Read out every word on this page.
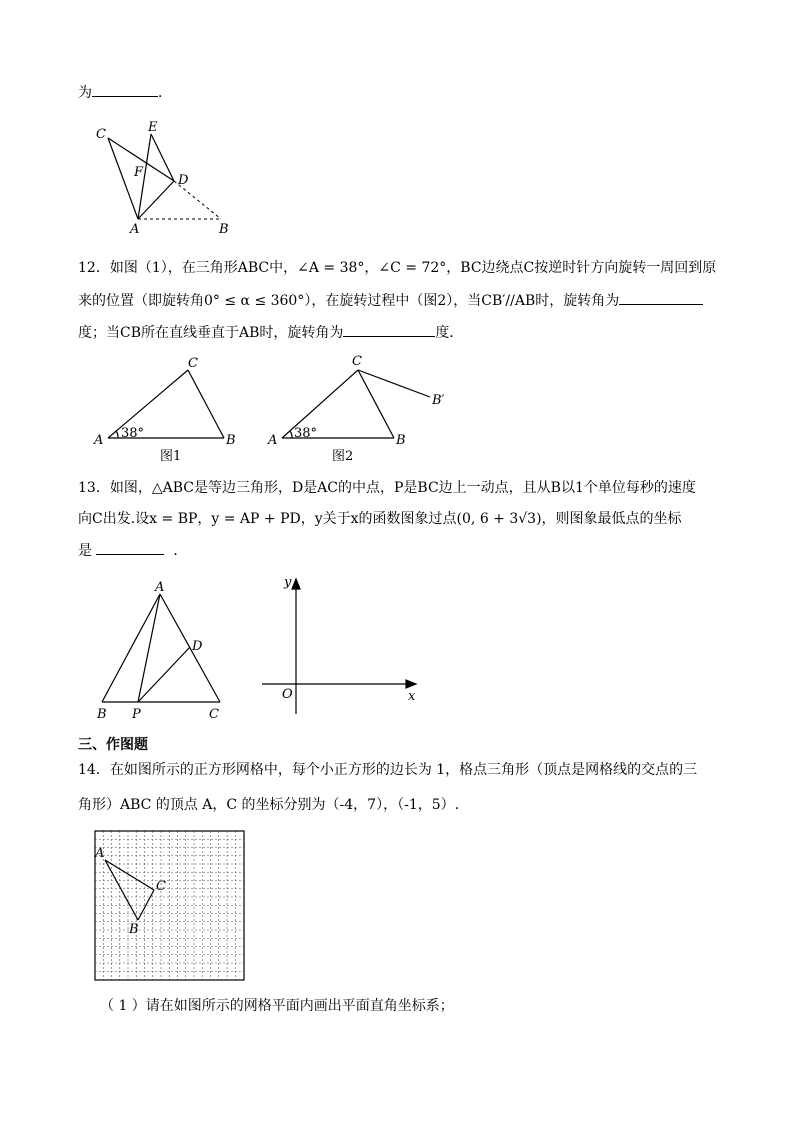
为	．
C	E
F
D
A	B
12．如图（1），在三角形ABC中，∠A = 38°，∠C = 72°，BC边绕点C按逆时针方向旋转一周回到原
来的位置（即旋转角0° ≤ α ≤ 360°），在旋转过程中（图2），当CB′//AB时，旋转角为
度；当CB所在直线垂直于AB时，旋转角为	度．
A	B
C
38°
图1
A	B
C
B′
38°
图2
13．如图，△ABC是等边三角形，D是AC的中点，P是BC边上一动点，且从B以1个单位每秒的速度
向C出发.设x = BP，y = AP + PD，y关于x的函数图象过点(0, 6 + 3√3)，则图象最低点的坐标
是	．
A
D
B P	C
y
x
O
三、作图题
14．在如图所示的正方形网格中，每个小正方形的边长为 1，格点三角形（顶点是网格线的交点的三
角形）ABC 的顶点 A，C 的坐标分别为（-4，7），（-1，5）.
A
C
B
（ 1 ）请在如图所示的网格平面内画出平面直角坐标系；
